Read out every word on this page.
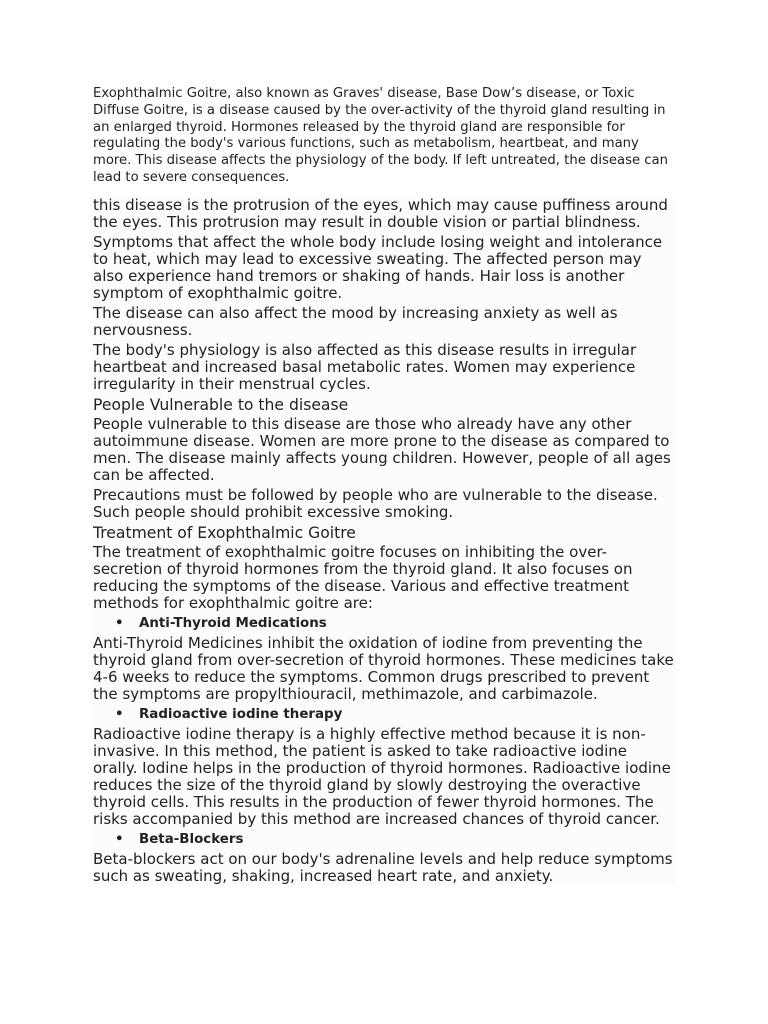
Exophthalmic Goitre, also known as Graves' disease, Base Dow’s disease, or Toxic Diffuse Goitre, is a disease caused by the over-activity of the thyroid gland resulting in an enlarged thyroid. Hormones released by the thyroid gland are responsible for regulating the body's various functions, such as metabolism, heartbeat, and many more. This disease affects the physiology of the body. If left untreated, the disease can lead to severe consequences.

this disease is the protrusion of the eyes, which may cause puffiness around the eyes. This protrusion may result in double vision or partial blindness.

Symptoms that affect the whole body include losing weight and intolerance to heat, which may lead to excessive sweating. The affected person may also experience hand tremors or shaking of hands. Hair loss is another symptom of exophthalmic goitre.

The disease can also affect the mood by increasing anxiety as well as nervousness.

The body's physiology is also affected as this disease results in irregular heartbeat and increased basal metabolic rates. Women may experience irregularity in their menstrual cycles.

People Vulnerable to the disease

People vulnerable to this disease are those who already have any other autoimmune disease. Women are more prone to the disease as compared to men. The disease mainly affects young children. However, people of all ages can be affected.

Precautions must be followed by people who are vulnerable to the disease. Such people should prohibit excessive smoking.

Treatment of Exophthalmic Goitre

The treatment of exophthalmic goitre focuses on inhibiting the over-secretion of thyroid hormones from the thyroid gland. It also focuses on reducing the symptoms of the disease. Various and effective treatment methods for exophthalmic goitre are:

• Anti-Thyroid Medications

Anti-Thyroid Medicines inhibit the oxidation of iodine from preventing the thyroid gland from over-secretion of thyroid hormones. These medicines take 4-6 weeks to reduce the symptoms. Common drugs prescribed to prevent the symptoms are propylthiouracil, methimazole, and carbimazole.

• Radioactive iodine therapy

Radioactive iodine therapy is a highly effective method because it is non-invasive. In this method, the patient is asked to take radioactive iodine orally. Iodine helps in the production of thyroid hormones. Radioactive iodine reduces the size of the thyroid gland by slowly destroying the overactive thyroid cells. This results in the production of fewer thyroid hormones. The risks accompanied by this method are increased chances of thyroid cancer.

• Beta-Blockers

Beta-blockers act on our body's adrenaline levels and help reduce symptoms such as sweating, shaking, increased heart rate, and anxiety.
